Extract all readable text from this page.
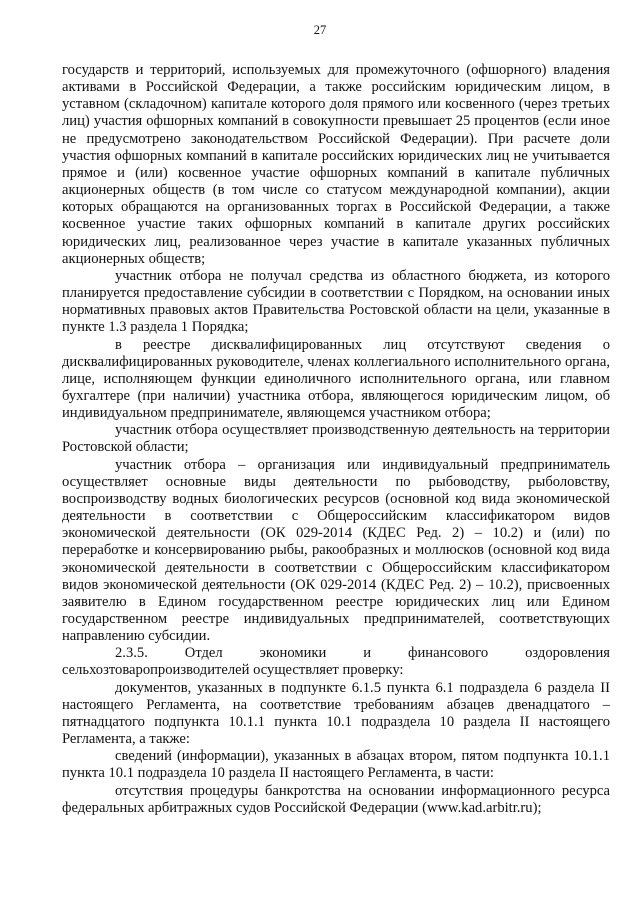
27

государств и территорий, используемых для промежуточного (офшорного) владения активами в Российской Федерации, а также российским юридическим лицом, в уставном (складочном) капитале которого доля прямого или косвенного (через третьих лиц) участия офшорных компаний в совокупности превышает 25 процентов (если иное не предусмотрено законодательством Российской Федерации). При расчете доли участия офшорных компаний в капитале российских юридических лиц не учитывается прямое и (или) косвенное участие офшорных компаний в капитале публичных акционерных обществ (в том числе со статусом международной компании), акции которых обращаются на организованных торгах в Российской Федерации, а также косвенное участие таких офшорных компаний в капитале других российских юридических лиц, реализованное через участие в капитале указанных публичных акционерных обществ;

участник отбора не получал средства из областного бюджета, из которого планируется предоставление субсидии в соответствии с Порядком, на основании иных нормативных правовых актов Правительства Ростовской области на цели, указанные в пункте 1.3 раздела 1 Порядка;

в реестре дисквалифицированных лиц отсутствуют сведения о дисквалифицированных руководителе, членах коллегиального исполнительного органа, лице, исполняющем функции единоличного исполнительного органа, или главном бухгалтере (при наличии) участника отбора, являющегося юридическим лицом, об индивидуальном предпринимателе, являющемся участником отбора;

участник отбора осуществляет производственную деятельность на территории Ростовской области;

участник отбора – организация или индивидуальный предприниматель осуществляет основные виды деятельности по рыбоводству, рыболовству, воспроизводству водных биологических ресурсов (основной код вида экономической деятельности в соответствии с Общероссийским классификатором видов экономической деятельности (ОК 029-2014 (КДЕС Ред. 2) – 10.2) и (или) по переработке и консервированию рыбы, ракообразных и моллюсков (основной код вида экономической деятельности в соответствии с Общероссийским классификатором видов экономической деятельности (ОК 029-2014 (КДЕС Ред. 2) – 10.2), присвоенных заявителю в Едином государственном реестре юридических лиц или Едином государственном реестре индивидуальных предпринимателей, соответствующих направлению субсидии.

2.3.5. Отдел экономики и финансового оздоровления сельхозтоваропроизводителей осуществляет проверку:

документов, указанных в подпункте 6.1.5 пункта 6.1 подраздела 6 раздела II настоящего Регламента, на соответствие требованиям абзацев двенадцатого – пятнадцатого подпункта 10.1.1 пункта 10.1 подраздела 10 раздела II настоящего Регламента, а также:

сведений (информации), указанных в абзацах втором, пятом подпункта 10.1.1 пункта 10.1 подраздела 10 раздела II настоящего Регламента, в части:

отсутствия процедуры банкротства на основании информационного ресурса федеральных арбитражных судов Российской Федерации (www.kad.arbitr.ru);
